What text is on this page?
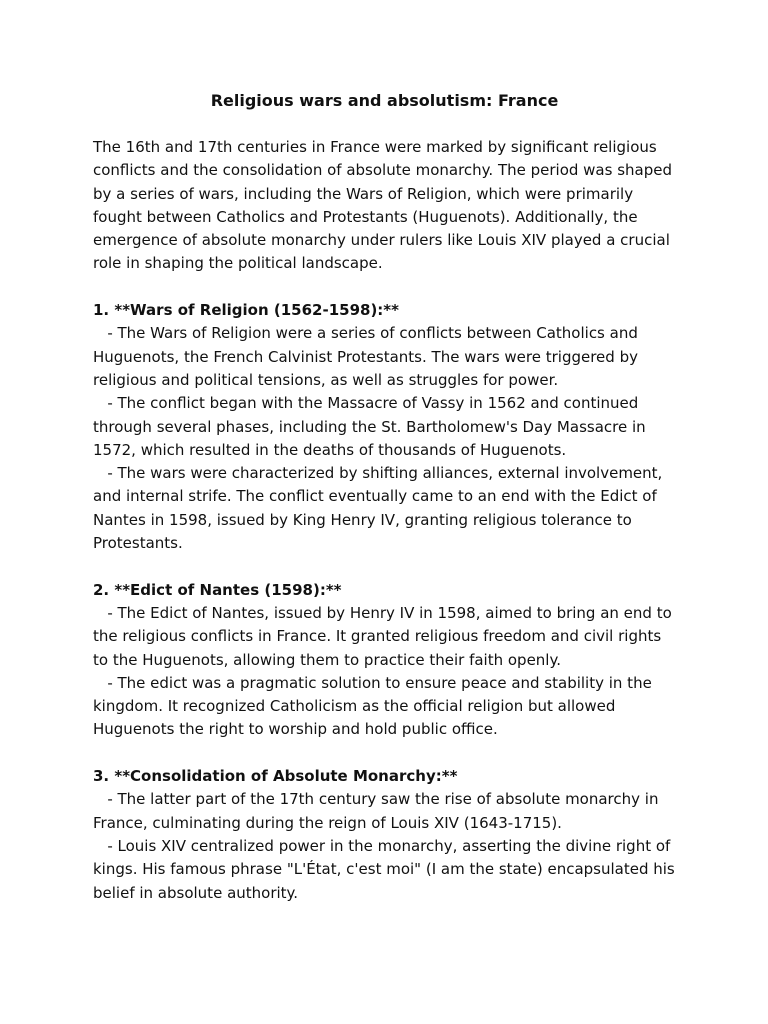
Religious wars and absolutism: France

The 16th and 17th centuries in France were marked by significant religious conflicts and the consolidation of absolute monarchy. The period was shaped by a series of wars, including the Wars of Religion, which were primarily fought between Catholics and Protestants (Huguenots). Additionally, the emergence of absolute monarchy under rulers like Louis XIV played a crucial role in shaping the political landscape.

1. **Wars of Religion (1562-1598):**

- The Wars of Religion were a series of conflicts between Catholics and Huguenots, the French Calvinist Protestants. The wars were triggered by religious and political tensions, as well as struggles for power.

- The conflict began with the Massacre of Vassy in 1562 and continued through several phases, including the St. Bartholomew's Day Massacre in 1572, which resulted in the deaths of thousands of Huguenots.

- The wars were characterized by shifting alliances, external involvement, and internal strife. The conflict eventually came to an end with the Edict of Nantes in 1598, issued by King Henry IV, granting religious tolerance to Protestants.

2. **Edict of Nantes (1598):**

- The Edict of Nantes, issued by Henry IV in 1598, aimed to bring an end to the religious conflicts in France. It granted religious freedom and civil rights to the Huguenots, allowing them to practice their faith openly.

- The edict was a pragmatic solution to ensure peace and stability in the kingdom. It recognized Catholicism as the official religion but allowed Huguenots the right to worship and hold public office.

3. **Consolidation of Absolute Monarchy:**

- The latter part of the 17th century saw the rise of absolute monarchy in France, culminating during the reign of Louis XIV (1643-1715).

- Louis XIV centralized power in the monarchy, asserting the divine right of kings. His famous phrase "L'État, c'est moi" (I am the state) encapsulated his belief in absolute authority.
